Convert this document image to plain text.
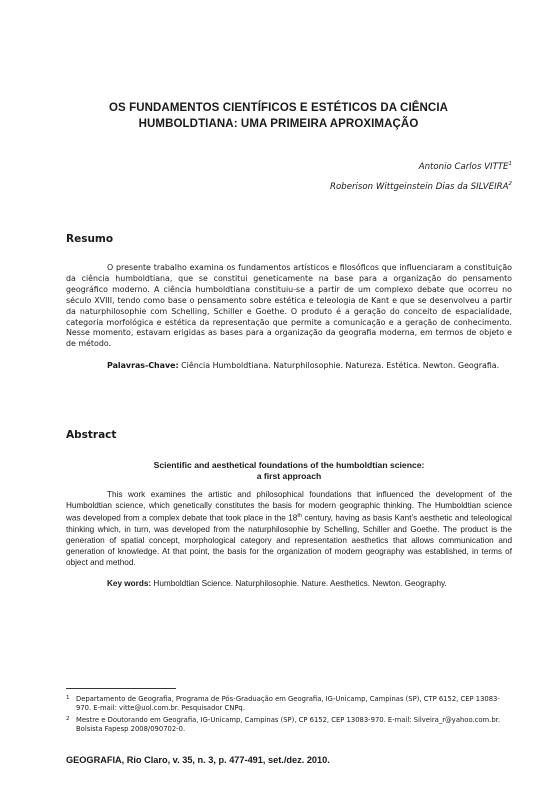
OS FUNDAMENTOS CIENTÍFICOS E ESTÉTICOS DA CIÊNCIA
HUMBOLDTIANA: UMA PRIMEIRA APROXIMAÇÃO
Antonio Carlos VITTE$^1$
Roberison Wittgeinstein Dias da SILVEIRA$^2$
Resumo

O presente trabalho examina os fundamentos artísticos e filosóficos que influenciaram a constituição da ciência humboldtiana, que se constitui geneticamente na base para a organização do pensamento geográfico moderno. A ciência humboldtiana constituiu-se a partir de um complexo debate que ocorreu no século XVIII, tendo como base o pensamento sobre estética e teleologia de Kant e que se desenvolveu a partir da naturphilosophie com Schelling, Schiller e Goethe. O produto é a geração do conceito de espacialidade, categoria morfológica e estética da representação que permite a comunicação e a geração de conhecimento. Nesse momento, estavam erigidas as bases para a organização da geografia moderna, em termos de objeto e de método.

Palavras-Chave: Ciência Humboldtiana. Naturphilosophie. Natureza. Estética. Newton. Geografia.

Abstract
Scientific and aesthetical foundations of the humboldtian science:
a first approach

This work examines the artistic and philosophical foundations that influenced the development of the Humboldtian science, which genetically constitutes the basis for modern geographic thinking. The Humboldtian science was developed from a complex debate that took place in the 18th century, having as basis Kant’s aesthetic and teleological thinking which, in turn, was developed from the naturphilosophie by Schelling, Schiller and Goethe. The product is the generation of spatial concept, morphological category and representation aesthetics that allows communication and generation of knowledge. At that point, the basis for the organization of modern geography was established, in terms of object and method.

Key words: Humboldtian Science. Naturphilosophie. Nature. Aesthetics. Newton. Geography.

1 Departamento de Geografia, Programa de Pós-Graduação em Geografia, IG-Unicamp, Campinas (SP), CTP 6152, CEP 13083-970. E-mail: vitte@uol.com.br. Pesquisador CNPq.
2 Mestre e Doutorando em Geografia, IG-Unicamp, Campinas (SP), CP 6152, CEP 13083-970. E-mail: Silveira_r@yahoo.com.br. Bolsista Fapesp 2008/090702-0.
GEOGRAFIA, Rio Claro, v. 35, n. 3, p. 477-491, set./dez. 2010.
